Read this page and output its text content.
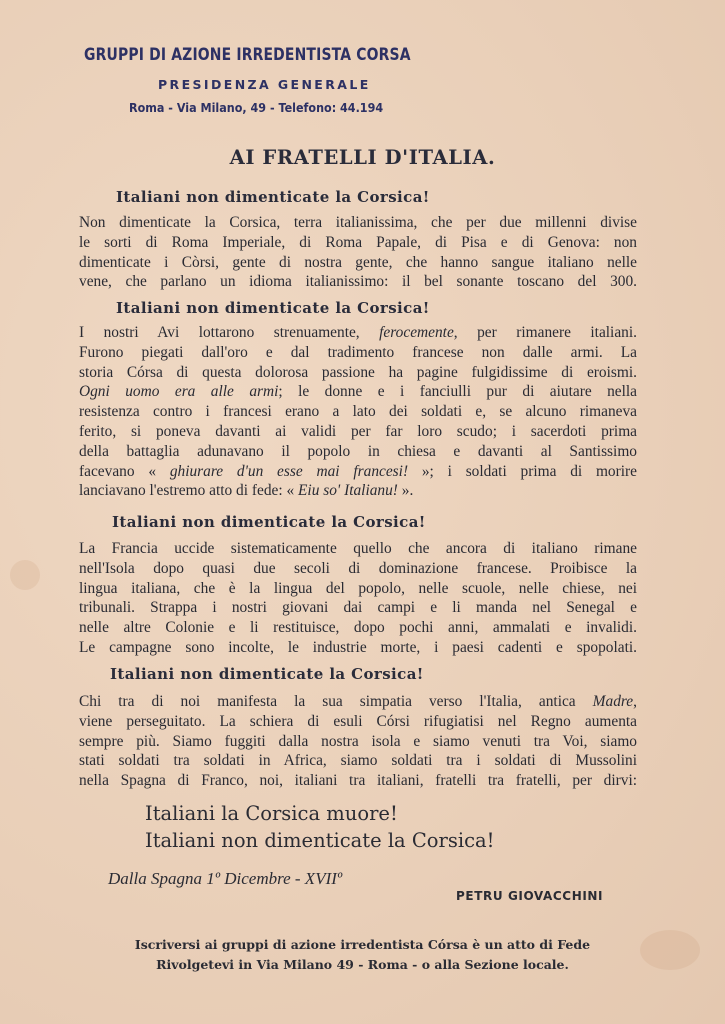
GRUPPI DI AZIONE IRREDENTISTA CORSA
PRESIDENZA GENERALE
Roma - Via Milano, 49 - Telefono: 44.194
AI FRATELLI D'ITALIA.
Italiani non dimenticate la Corsica!
Non dimenticate la Corsica, terra italianissima, che per due millenni divise
le sorti di Roma Imperiale, di Roma Papale, di Pisa e di Genova: non
dimenticate i Còrsi, gente di nostra gente, che hanno sangue italiano nelle
vene, che parlano un idioma italianissimo: il bel sonante toscano del 300.
Italiani non dimenticate la Corsica!
I nostri Avi lottarono strenuamente, ferocemente, per rimanere italiani.
Furono piegati dall'oro e dal tradimento francese non dalle armi. La
storia Córsa di questa dolorosa passione ha pagine fulgidissime di eroismi.
Ogni uomo era alle armi; le donne e i fanciulli pur di aiutare nella
resistenza contro i francesi erano a lato dei soldati e, se alcuno rimaneva
ferito, si poneva davanti ai validi per far loro scudo; i sacerdoti prima
della battaglia adunavano il popolo in chiesa e davanti al Santissimo
facevano « ghiurare d'un esse mai francesi! »; i soldati prima di morire
lanciavano l'estremo atto di fede: « Eiu so' Italianu! ».
Italiani non dimenticate la Corsica!
La Francia uccide sistematicamente quello che ancora di italiano rimane
nell'Isola dopo quasi due secoli di dominazione francese. Proibisce la
lingua italiana, che è la lingua del popolo, nelle scuole, nelle chiese, nei
tribunali. Strappa i nostri giovani dai campi e li manda nel Senegal e
nelle altre Colonie e li restituisce, dopo pochi anni, ammalati e invalidi.
Le campagne sono incolte, le industrie morte, i paesi cadenti e spopolati.
Italiani non dimenticate la Corsica!
Chi tra di noi manifesta la sua simpatia verso l'Italia, antica Madre,
viene perseguitato. La schiera di esuli Córsi rifugiatisi nel Regno aumenta
sempre più. Siamo fuggiti dalla nostra isola e siamo venuti tra Voi, siamo
stati soldati tra soldati in Africa, siamo soldati tra i soldati di Mussolini
nella Spagna di Franco, noi, italiani tra italiani, fratelli tra fratelli, per dirvi:
Italiani la Corsica muore!
Italiani non dimenticate la Corsica!
Dalla Spagna 1º Dicembre - XVIIº
PETRU GIOVACCHINI
Iscriversi ai gruppi di azione irredentista Córsa è un atto di Fede
Rivolgetevi in Via Milano 49 - Roma - o alla Sezione locale.
